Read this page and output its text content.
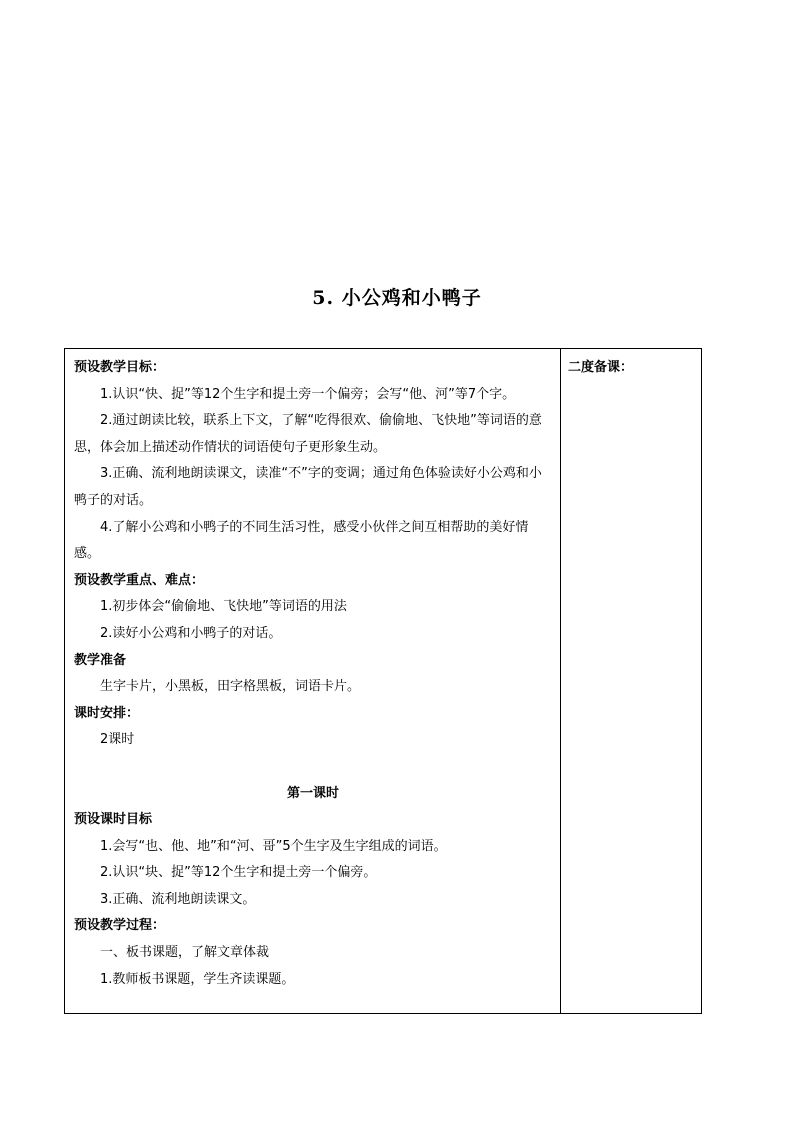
5. 小公鸡和小鸭子
预设教学目标：
1.认识“快、捉”等12个生字和提土旁一个偏旁；会写“他、河”等7个字。
2.通过朗读比较，联系上下文，了解“吃得很欢、偷偷地、飞快地”等词语的意思，体会加上描述动作情状的词语使句子更形象生动。
3.正确、流利地朗读课文，读准“不”字的变调；通过角色体验读好小公鸡和小鸭子的对话。
4.了解小公鸡和小鸭子的不同生活习性，感受小伙伴之间互相帮助的美好情感。
预设教学重点、难点：
1.初步体会“偷偷地、飞快地”等词语的用法
2.读好小公鸡和小鸭子的对话。
教学准备
生字卡片，小黑板，田字格黑板，词语卡片。
课时安排：
2课时
第一课时
预设课时目标
1.会写“也、他、地”和“河、哥”5个生字及生字组成的词语。
2.认识“块、捉”等12个生字和提土旁一个偏旁。
3.正确、流利地朗读课文。
预设教学过程：
一、板书课题，了解文章体裁
1.教师板书课题，学生齐读课题。
二度备课：
